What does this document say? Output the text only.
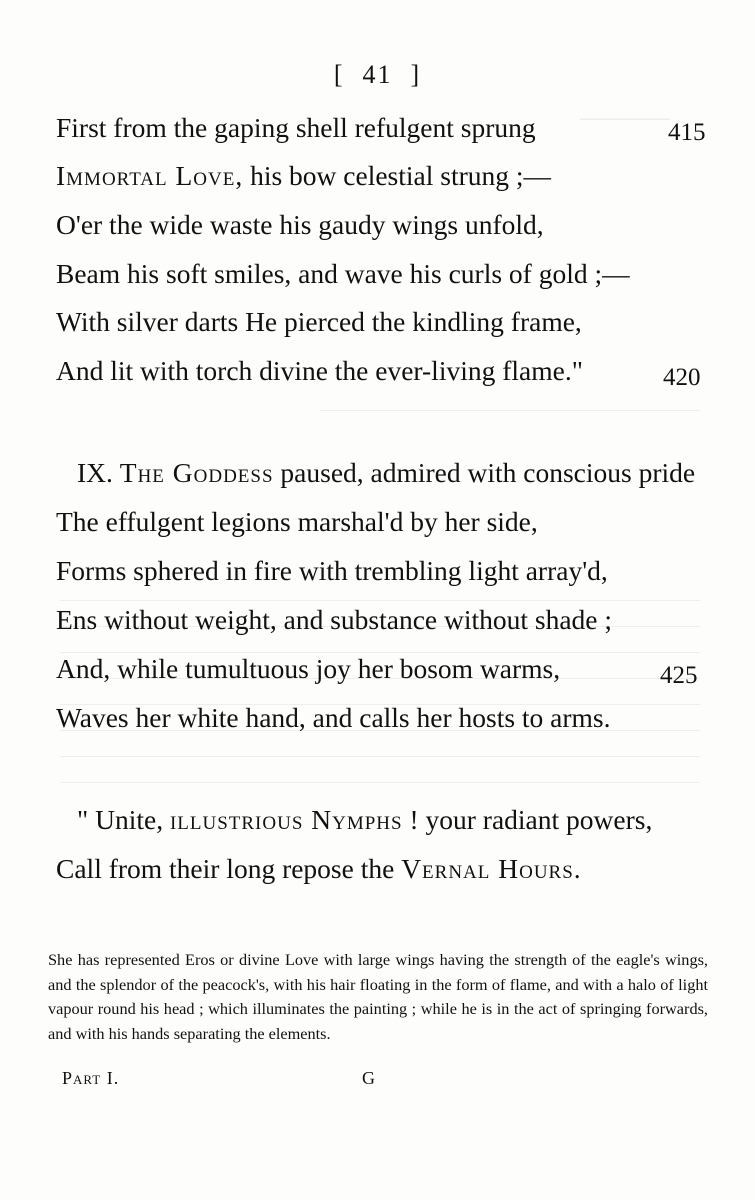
———
[ 41 ]
First from the gaping shell refulgent sprung	415
Immortal Love, his bow celestial strung ;—
O'er the wide waste his gaudy wings unfold,
Beam his soft smiles, and wave his curls of gold ;—
With silver darts He pierced the kindling frame,
And lit with torch divine the ever-living flame."	420
IX. The Goddess paused, admired with conscious pride
The effulgent legions marshal'd by her side,
Forms sphered in fire with trembling light array'd,
Ens without weight, and substance without shade ;
And, while tumultuous joy her bosom warms,	425
Waves her white hand, and calls her hosts to arms.
" Unite, illustrious Nymphs ! your radiant powers,
Call from their long repose the Vernal Hours.

She has represented Eros or divine Love with large wings having the strength of the eagle's wings, and the splendor of the peacock's, with his hair floating in the form of flame, and with a halo of light vapour round his head ; which illuminates the painting ; while he is in the act of springing forwards, and with his hands separating the elements.

Part I.	G
